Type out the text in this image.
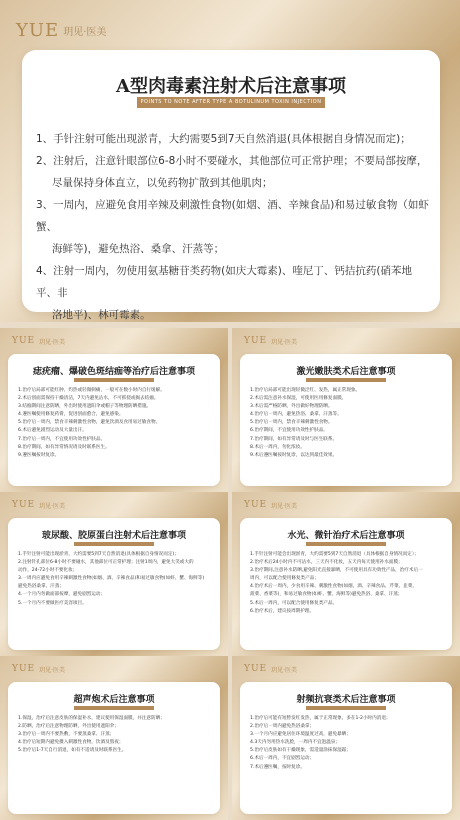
YUE 玥见·医美
A型肉毒素注射术后注意事项
POINTS TO NOTE AFTER TYPE A BOTULINUM TOXIN INJECTION

1、手针注射可能出现淤青，大约需要5到7天自然消退(具体根据自身情况而定)；

2、注射后，注意针眼部位6-8小时不要碰水，其他部位可正常护理；不要局部按摩，

尽量保持身体直立，以免药物扩散到其他肌肉；

3、一周内，应避免食用辛辣及刺激性食物(如烟、酒、辛辣食品)和易过敏食物（如虾蟹、

海鲜等)，避免热浴、桑拿、汗蒸等；

4、注射一周内，勿使用氨基糖苷类药物(如庆大霉素)、喹尼丁、钙拮抗药(硝苯地平、非

洛地平)、林可霉素。

YUE 玥见·医美
痣疣瘤、爆破色斑结痂等治疗后注意事项
1.治疗后局部可能红肿、灼热或轻微刺痛，一般可在数小时内自行缓解。
2.术后创面需保持干燥清洁，7天内避免沾水，不可抓挠或揭去结痂。
3.结痂期间注意防晒，外出时使用遮阳伞或帽子等物理防晒措施。
4.遵医嘱使用修复药膏，促进创面愈合，避免感染。
5.治疗后一周内，禁食辛辣刺激性食物，避免饮酒及食用易过敏食物。
6.术后避免剧烈运动及大量出汗。
7.治疗后一周内，不宜使用功效性护肤品。
8.治疗期间，如有异常情况请及时联系医生。
9.遵医嘱按时复诊。
YUE 玥见·医美
激光嫩肤类术后注意事项
1.治疗后局部可能出现轻微泛红、发热，属正常现象。
2.术后需注意补水保湿，可使用医用修复面膜。
3.术后需严格防晒，外出做好物理防晒。
4.治疗后一周内，避免热浴、桑拿、汗蒸等。
5.治疗后一周内，禁食辛辣刺激性食物。
6.治疗期间，不宜使用功效性护肤品。
7.治疗期间，如有异常请及时与医生联系。
8.术后一周内，勿化浓妆。
9.术后遵医嘱按时复诊，以达到最佳效果。
YUE 玥见·医美
玻尿酸、胶原蛋白注射术后注意事项
1.手针注射可能出现淤青，大约需要5到7天自然消退(具体根据自身情况而定)；
2.注射针孔部位6-8小时不要碰水，其他部位可正常护理；注射1周内，避免大笑或大的
动作，24-72小时不要化妆；
3.一周内应避免食用辛辣刺激性食物(如烟、酒、辛辣食品)和易过敏食物(如虾、蟹、海鲜等)
避免热浴桑拿、汗蒸；
4.一个月内勿做面部按摩，避免剧烈运动；
5.一个月内不要做医疗美容项目。
YUE 玥见·医美
水光、微针治疗术后注意事项
1.手针注射可能会出现淤青，大约需要5到7天自然消退（具体根据自身情况而定）；
2.治疗术后24小时内不可沾水，三天内不化妆，五天内每天使用补水面膜；
3.治疗期间,注意补水防晒,避免阳光直接暴晒，不可使用具有功效性产品，治疗术后一
周内，可以配合使用修复类产品；
4.治疗术后一周内，少食用辛辣、刺激性食物(如烟、酒、辛辣食品、芹菜、韭菜、
菠菜、香菜等)，和易过敏食物(如虾、蟹、海鲜等)避免热浴、桑拿、汗蒸；
5.术后一周内，可以配合使用修复类产品。
6.治疗术后，建议按周期护理。
YUE 玥见·医美
超声炮术后注意事项
1.保湿，治疗后注意皮肤的保湿补水，建议使用保湿面膜，并注意防晒；
2.防晒，治疗后注意物理防晒，外出使用遮阳伞；
3.治疗后一周内不要热敷，不要蒸桑拿、汗蒸；
4.治疗后短期内避免摄入刺激性食物，饮酒及熬夜；
5.治疗后1-7天自行消退，如有不适请及时联系医生。
YUE 玥见·医美
射频抗衰类术后注意事项
1.治疗后可能有短暂发红发热，属于正常现象，多在1-2小时内消退；
2.治疗后一周内避免热浴桑拿；
3.一个月内应避免居住环境温度过高，避免暴晒；
4.3天内勿用热水洗脸，一周内不宜泡温泉；
5.治疗后皮肤如有干燥现象，需适量涂抹保湿霜；
6.术后一周内，不宜剧烈运动；
7.术后遵医嘱，按时复诊。
